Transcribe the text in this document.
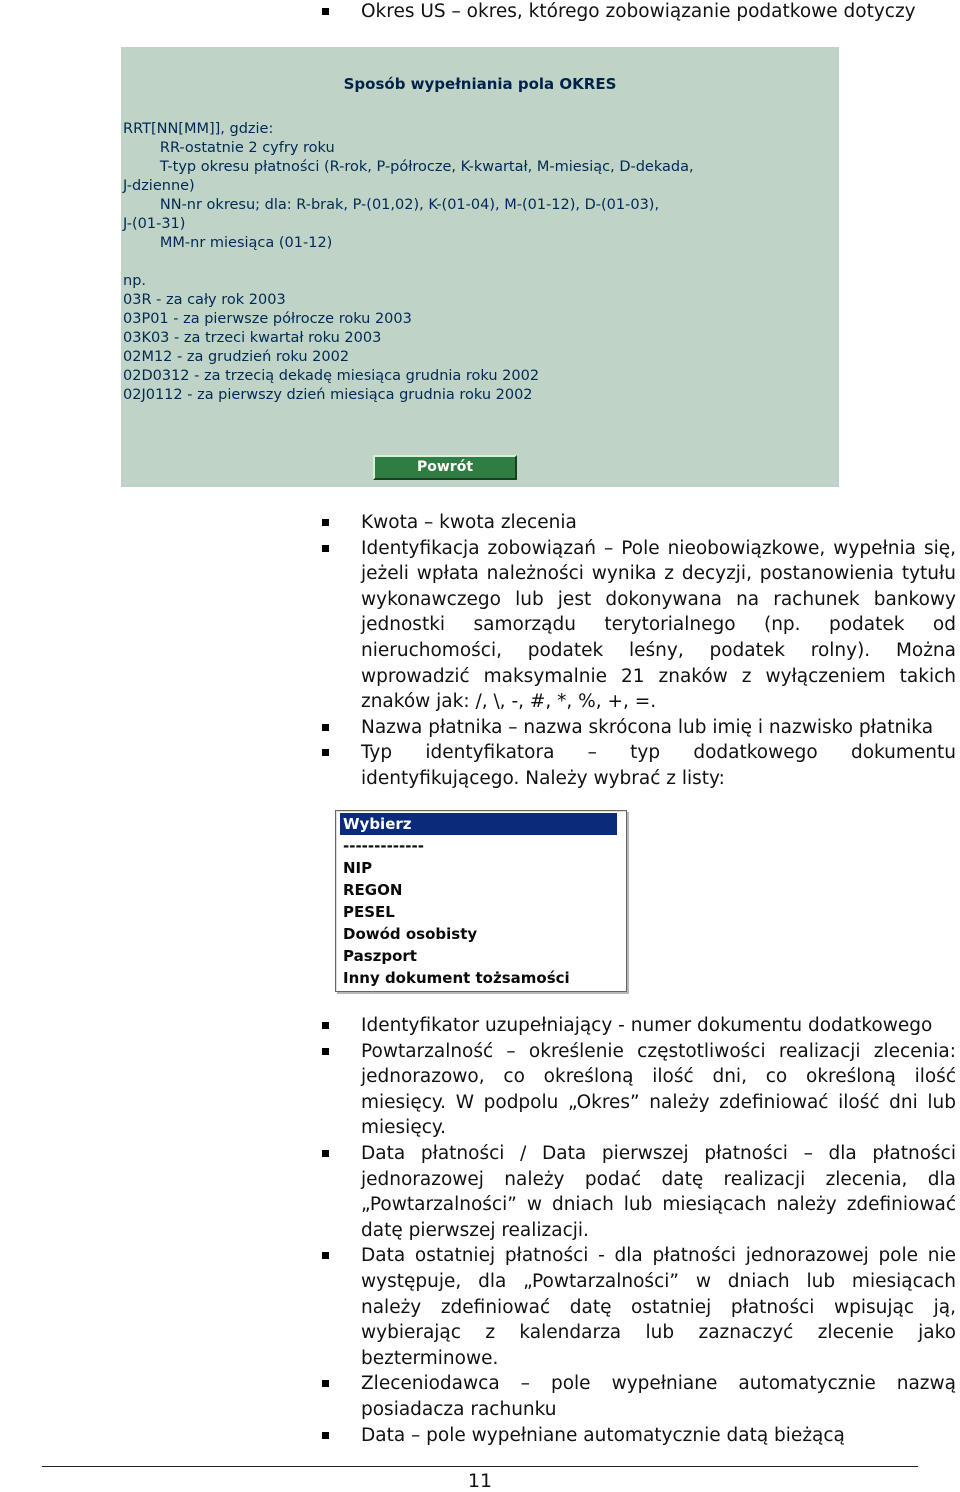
Okres US – okres, którego zobowiązanie podatkowe dotyczy
Sposób wypełniania pola OKRES
RRT[NN[MM]], gdzie:
RR-ostatnie 2 cyfry roku
T-typ okresu płatności (R-rok, P-półrocze, K-kwartał, M-miesiąc, D-dekada,
J-dzienne)
NN-nr okresu; dla: R-brak, P-(01,02), K-(01-04), M-(01-12), D-(01-03),
J-(01-31)
MM-nr miesiąca (01-12)
np.
03R - za cały rok 2003
03P01 - za pierwsze półrocze roku 2003
03K03 - za trzeci kwartał roku 2003
02M12 - za grudzień roku 2002
02D0312 - za trzecią dekadę miesiąca grudnia roku 2002
02J0112 - za pierwszy dzień miesiąca grudnia roku 2002
Powrót
Kwota – kwota zlecenia
Identyfikacja zobowiązań – Pole nieobowiązkowe, wypełnia się, jeżeli wpłata należności wynika z decyzji, postanowienia tytułu wykonawczego lub jest dokonywana na rachunek bankowy jednostki samorządu terytorialnego (np. podatek od nieruchomości, podatek leśny, podatek rolny). Można wprowadzić maksymalnie 21 znaków z wyłączeniem takich znaków jak: /, \, -, #, *, %, +, =.
Nazwa płatnika – nazwa skrócona lub imię i nazwisko płatnika
Typ identyfikatora – typ dodatkowego dokumentu identyfikującego. Należy wybrać z listy:
Wybierz
-------------
NIP
REGON
PESEL
Dowód osobisty
Paszport
Inny dokument tożsamości
Identyfikator uzupełniający - numer dokumentu dodatkowego
Powtarzalność – określenie częstotliwości realizacji zlecenia: jednorazowo, co określoną ilość dni, co określoną ilość miesięcy. W podpolu „Okres” należy zdefiniować ilość dni lub miesięcy.
Data płatności / Data pierwszej płatności – dla płatności jednorazowej należy podać datę realizacji zlecenia, dla „Powtarzalności” w dniach lub miesiącach należy zdefiniować datę pierwszej realizacji.
Data ostatniej płatności - dla płatności jednorazowej pole nie występuje, dla „Powtarzalności” w dniach lub miesiącach należy zdefiniować datę ostatniej płatności wpisując ją, wybierając z kalendarza lub zaznaczyć zlecenie jako bezterminowe.
Zleceniodawca – pole wypełniane automatycznie nazwą posiadacza rachunku
Data – pole wypełniane automatycznie datą bieżącą
11
